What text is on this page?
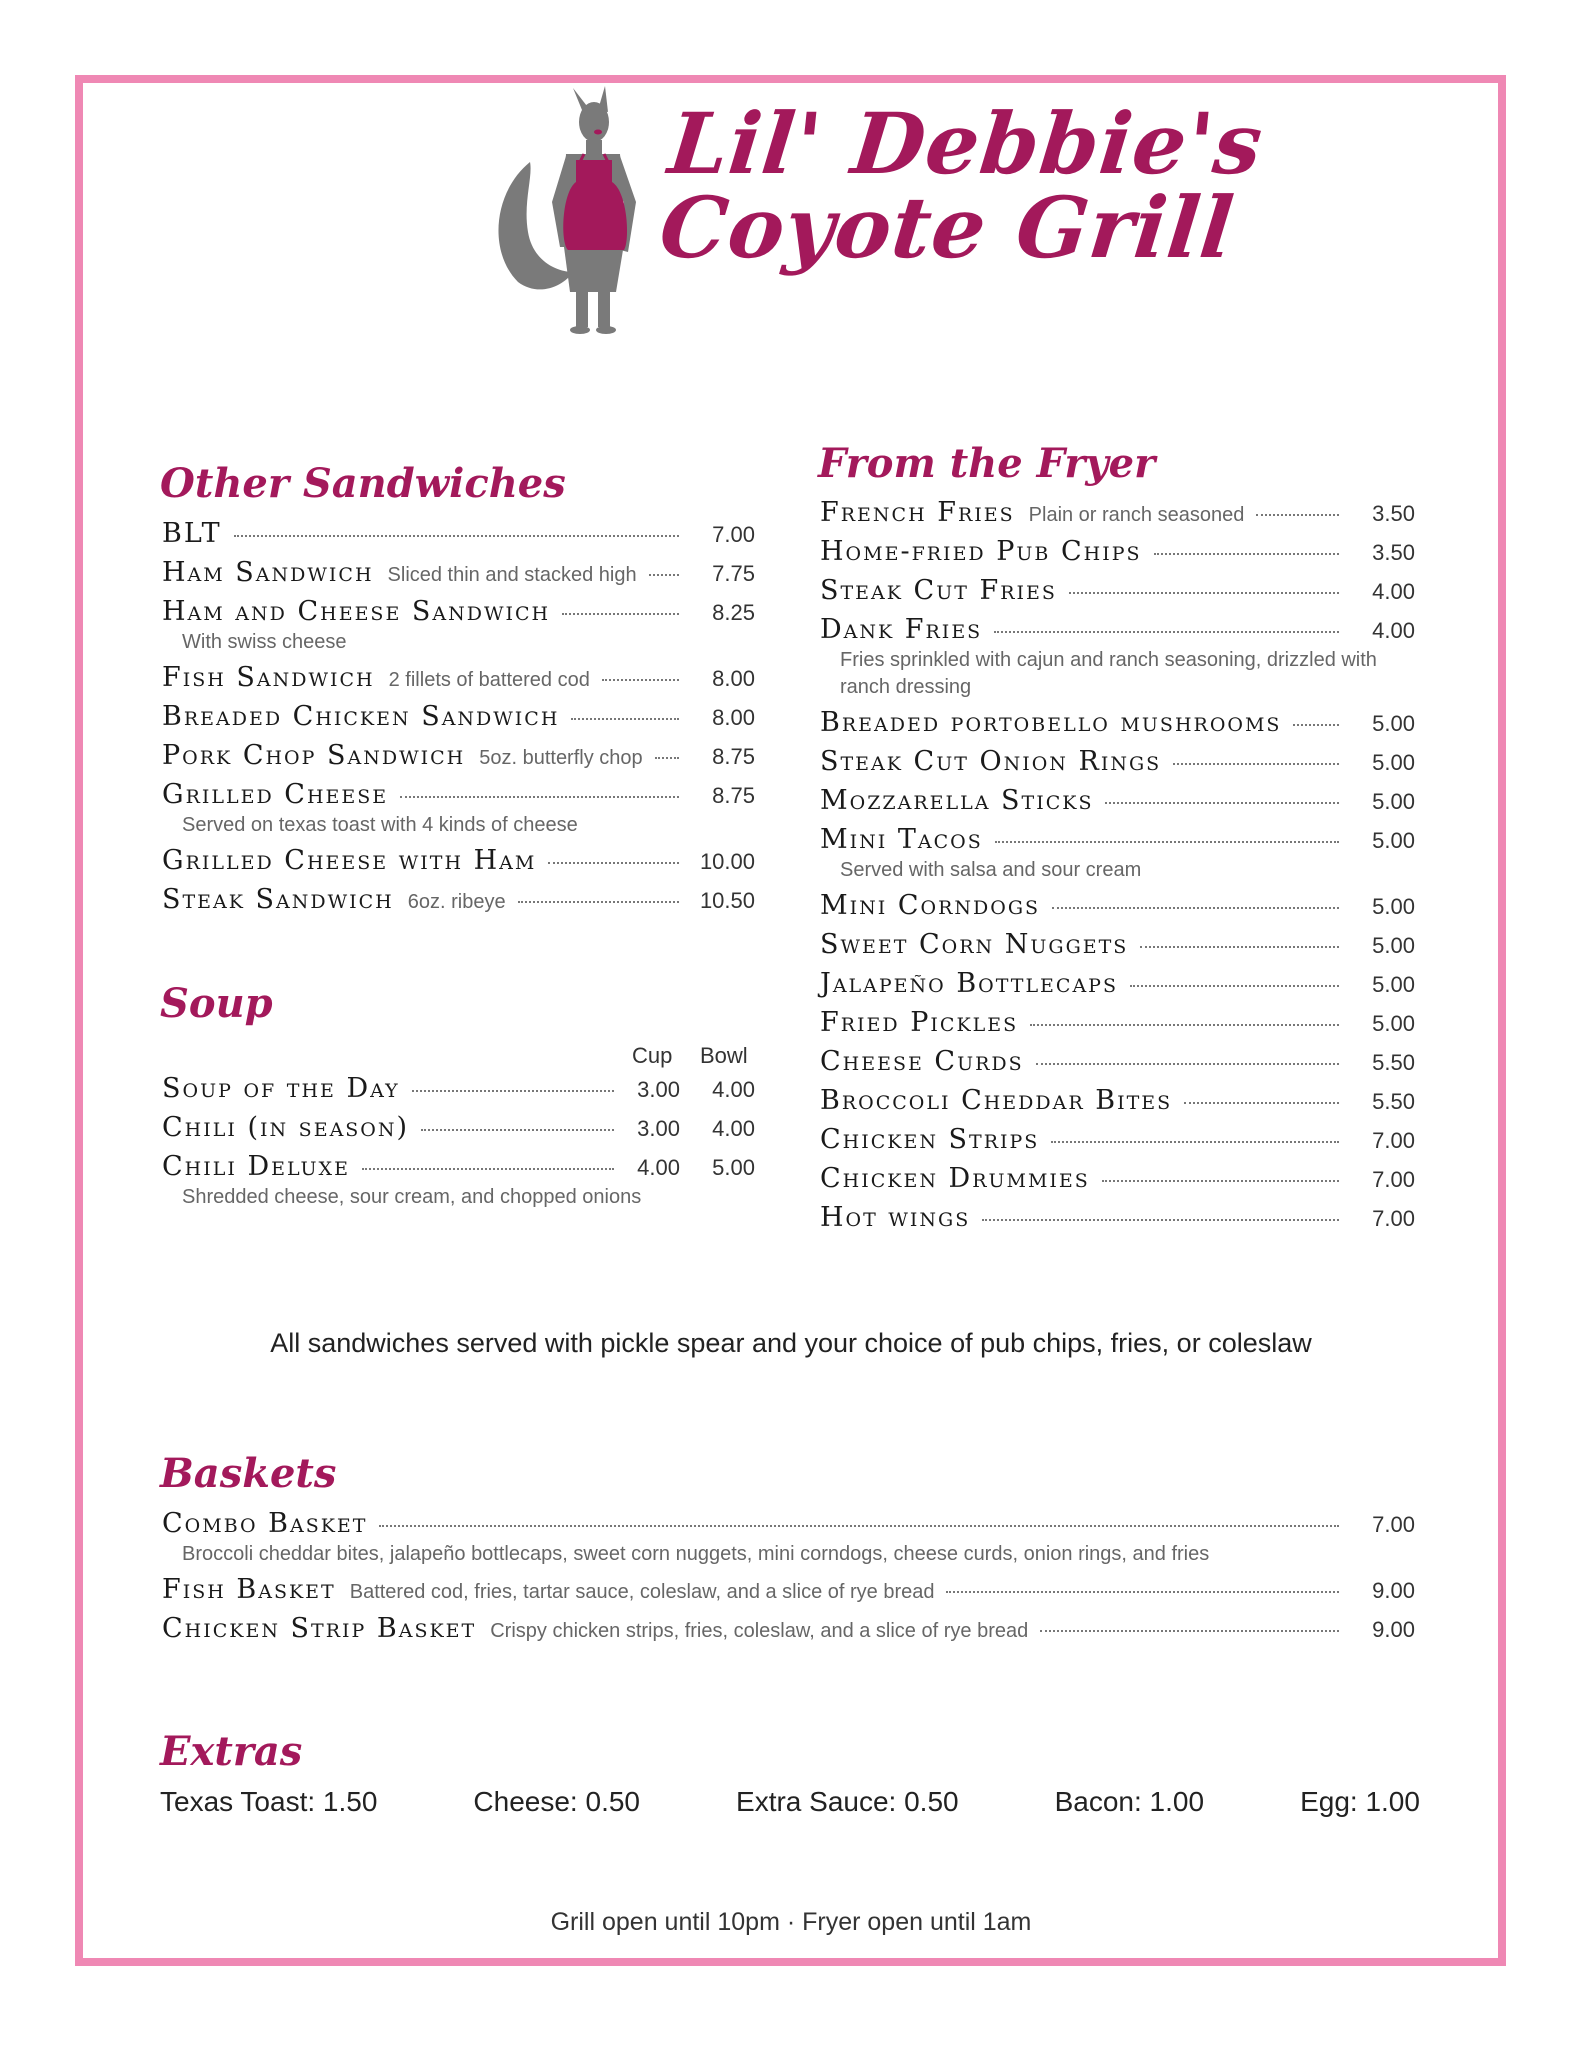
Lil' Debbie's
Coyote Grill
Other Sandwiches
BLT	7.00
Ham Sandwich Sliced thin and stacked high	7.75
Ham and Cheese Sandwich	8.25
With swiss cheese
Fish Sandwich 2 fillets of battered cod	8.00
Breaded Chicken Sandwich	8.00
Pork Chop Sandwich 5oz. butterfly chop	8.75
Grilled Cheese	8.75
Served on texas toast with 4 kinds of cheese
Grilled Cheese with Ham	10.00
Steak Sandwich 6oz. ribeye	10.50
Soup
Cup Bowl
Soup of the Day	3.00	4.00
Chili (in season)	3.00	4.00
Chili Deluxe	4.00	5.00
Shredded cheese, sour cream, and chopped onions
From the Fryer
French Fries Plain or ranch seasoned	3.50
Home-fried Pub Chips	3.50
Steak Cut Fries	4.00
Dank Fries	4.00
Fries sprinkled with cajun and ranch seasoning, drizzled with ranch dressing
Breaded portobello mushrooms	5.00
Steak Cut Onion Rings	5.00
Mozzarella Sticks	5.00
Mini Tacos	5.00
Served with salsa and sour cream
Mini Corndogs	5.00
Sweet Corn Nuggets	5.00
Jalapeño Bottlecaps	5.00
Fried Pickles	5.00
Cheese Curds	5.50
Broccoli Cheddar Bites	5.50
Chicken Strips	7.00
Chicken Drummies	7.00
Hot wings	7.00
All sandwiches served with pickle spear and your choice of pub chips, fries, or coleslaw
Baskets
Combo Basket	7.00
Broccoli cheddar bites, jalapeño bottlecaps, sweet corn nuggets, mini corndogs, cheese curds, onion rings, and fries
Fish Basket Battered cod, fries, tartar sauce, coleslaw, and a slice of rye bread	9.00
Chicken Strip Basket Crispy chicken strips, fries, coleslaw, and a slice of rye bread	9.00
Extras
Texas Toast: 1.50	Cheese: 0.50	Extra Sauce: 0.50	Bacon: 1.00	Egg: 1.00
Grill open until 10pm · Fryer open until 1am
